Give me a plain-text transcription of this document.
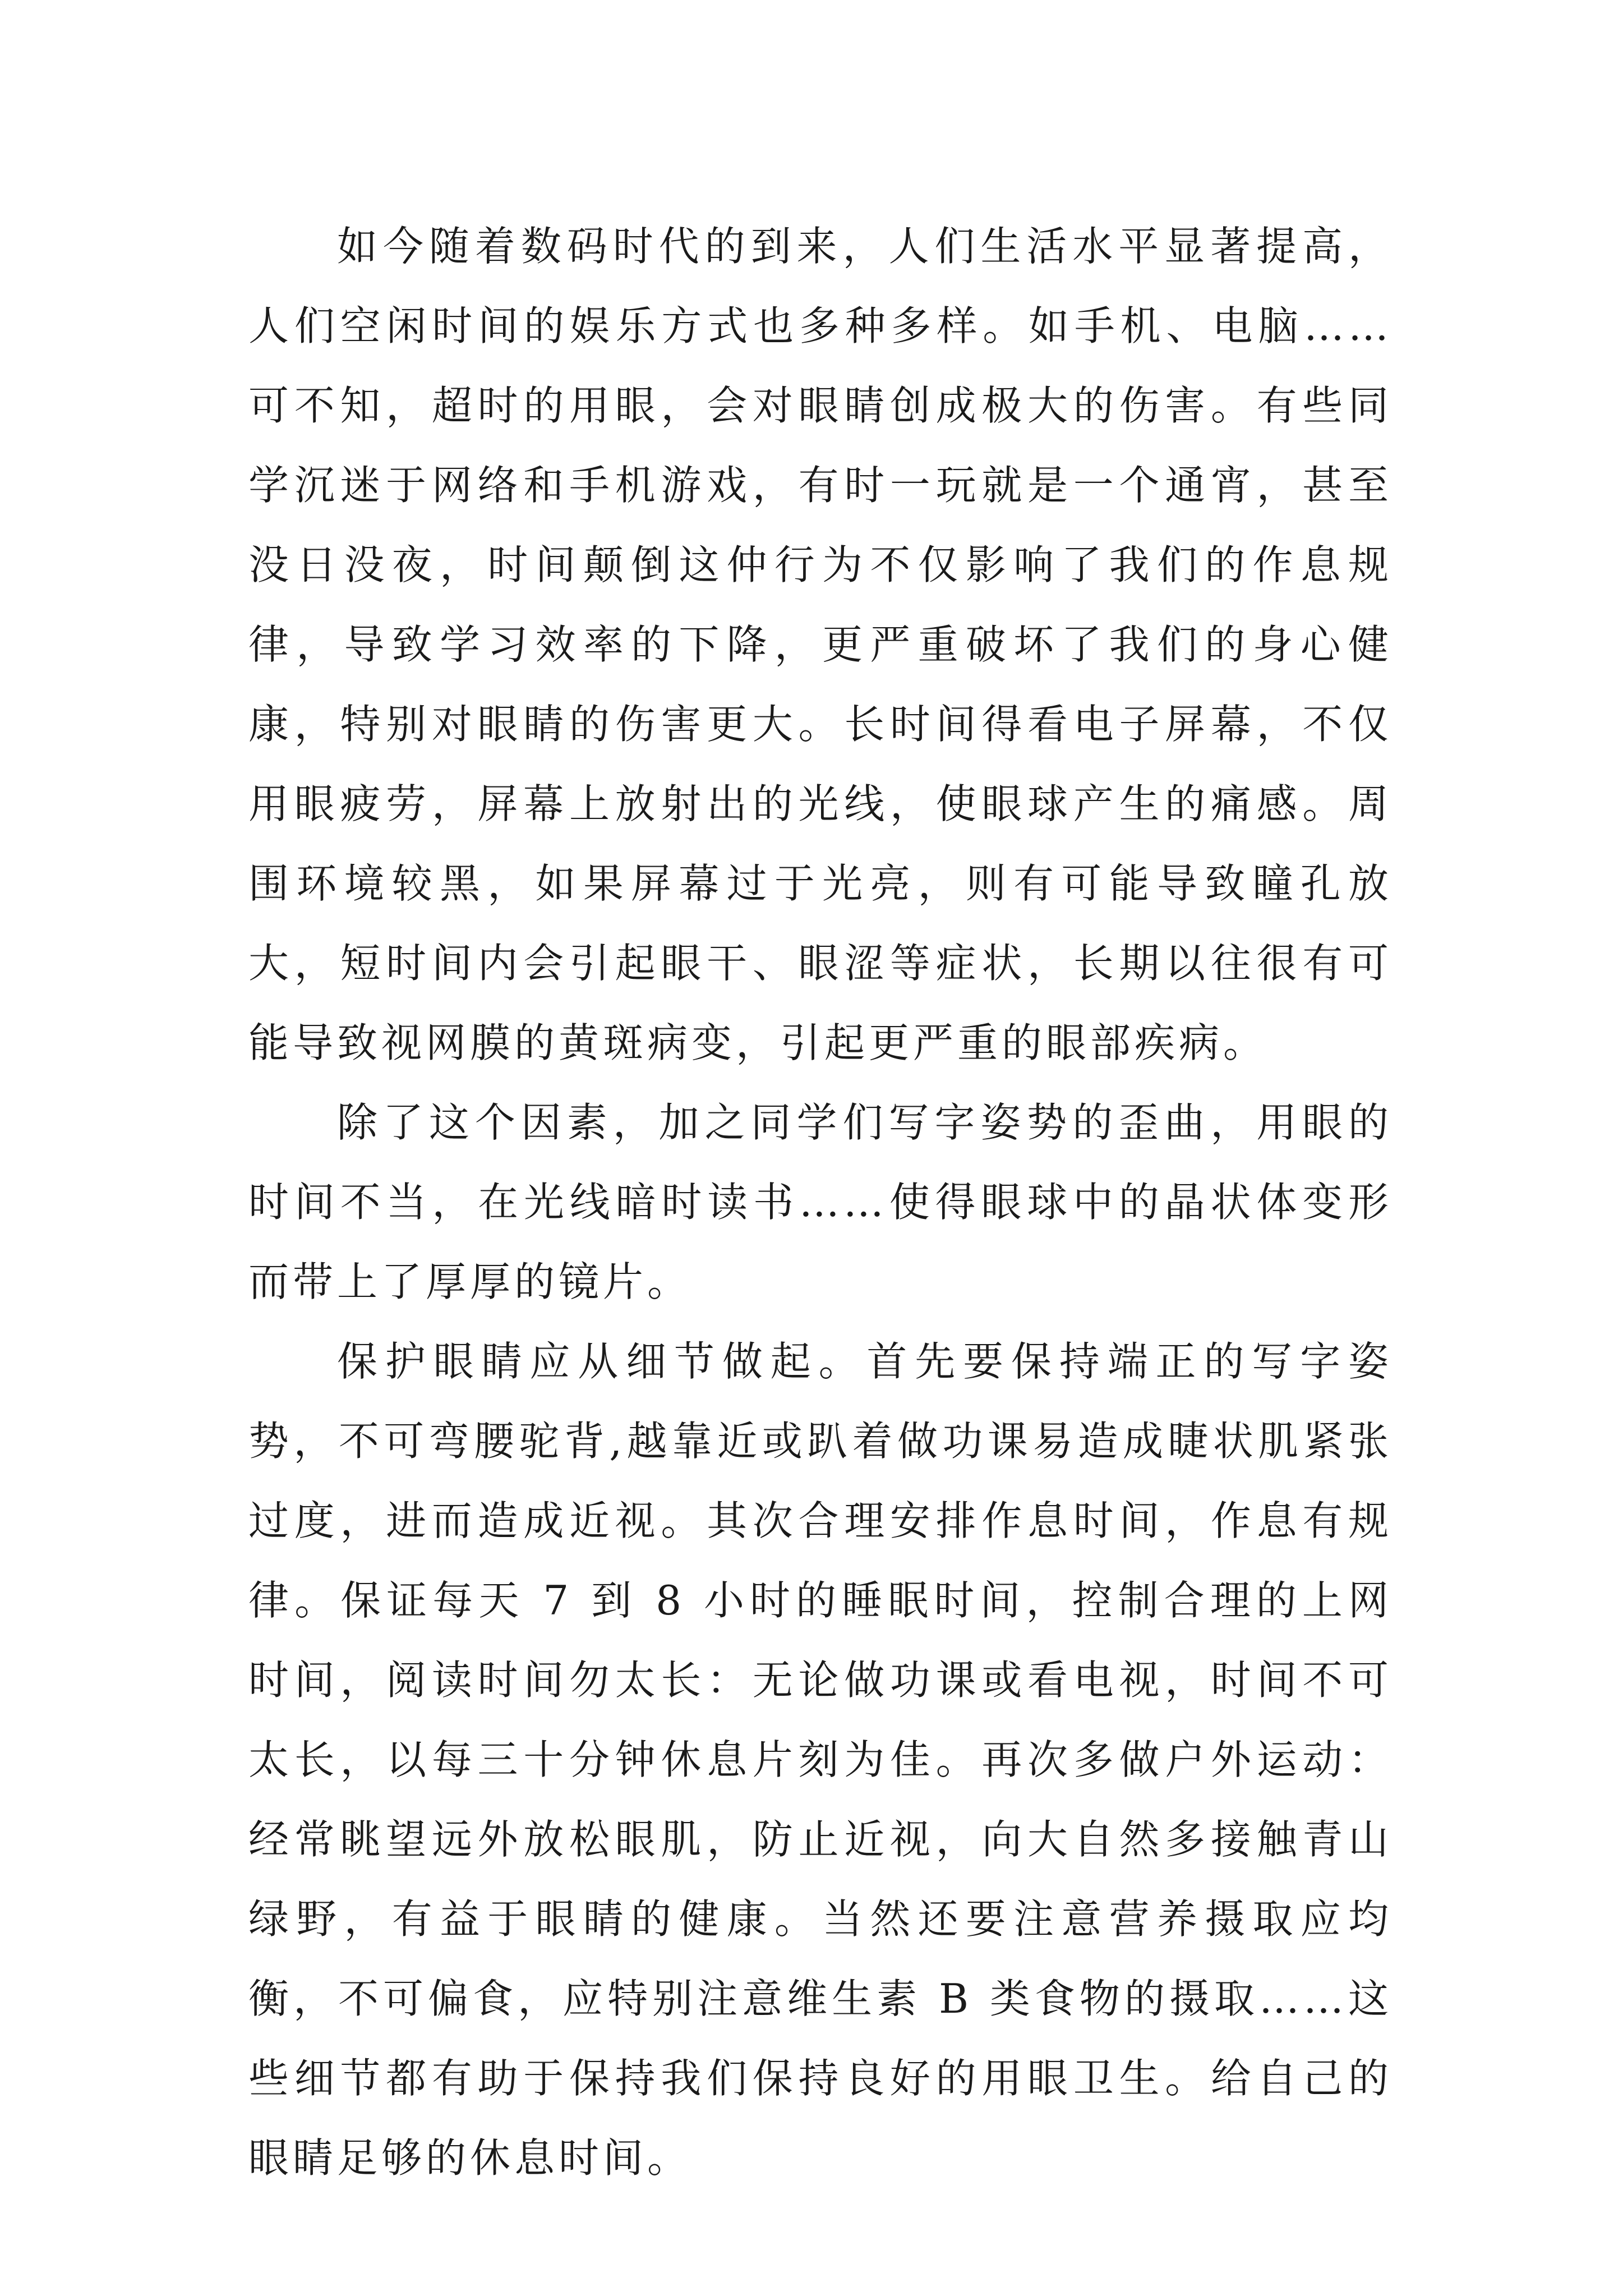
如今随着数码时代的到来，人们生活水平显著提高，人们空闲时间的娱乐方式也多种多样。如手机、电脑……可不知，超时的用眼，会对眼睛创成极大的伤害。有些同学沉迷于网络和手机游戏，有时一玩就是一个通宵，甚至没日没夜，时间颠倒这仲行为不仅影响了我们的作息规律，导致学习效率的下降，更严重破坏了我们的身心健康，特别对眼睛的伤害更大。长时间得看电子屏幕，不仅用眼疲劳，屏幕上放射出的光线，使眼球产生的痛感。周围环境较黑，如果屏幕过于光亮，则有可能导致瞳孔放大，短时间内会引起眼干、眼涩等症状，长期以往很有可能导致视网膜的黄斑病变，引起更严重的眼部疾病。

除了这个因素，加之同学们写字姿势的歪曲，用眼的时间不当，在光线暗时读书……使得眼球中的晶状体变形而带上了厚厚的镜片。

保护眼睛应从细节做起。首先要保持端正的写字姿势，不可弯腰驼背,越靠近或趴着做功课易造成睫状肌紧张过度，进而造成近视。其次合理安排作息时间，作息有规律。保证每天 7 到 8 小时的睡眠时间，控制合理的上网时间，阅读时间勿太长：无论做功课或看电视，时间不可太长，以每三十分钟休息片刻为佳。再次多做户外运动：经常眺望远外放松眼肌，防止近视，向大自然多接触青山绿野，有益于眼睛的健康。当然还要注意营养摄取应均衡，不可偏食，应特别注意维生素 B 类食物的摄取……这些细节都有助于保持我们保持良好的用眼卫生。给自己的眼睛足够的休息时间。
